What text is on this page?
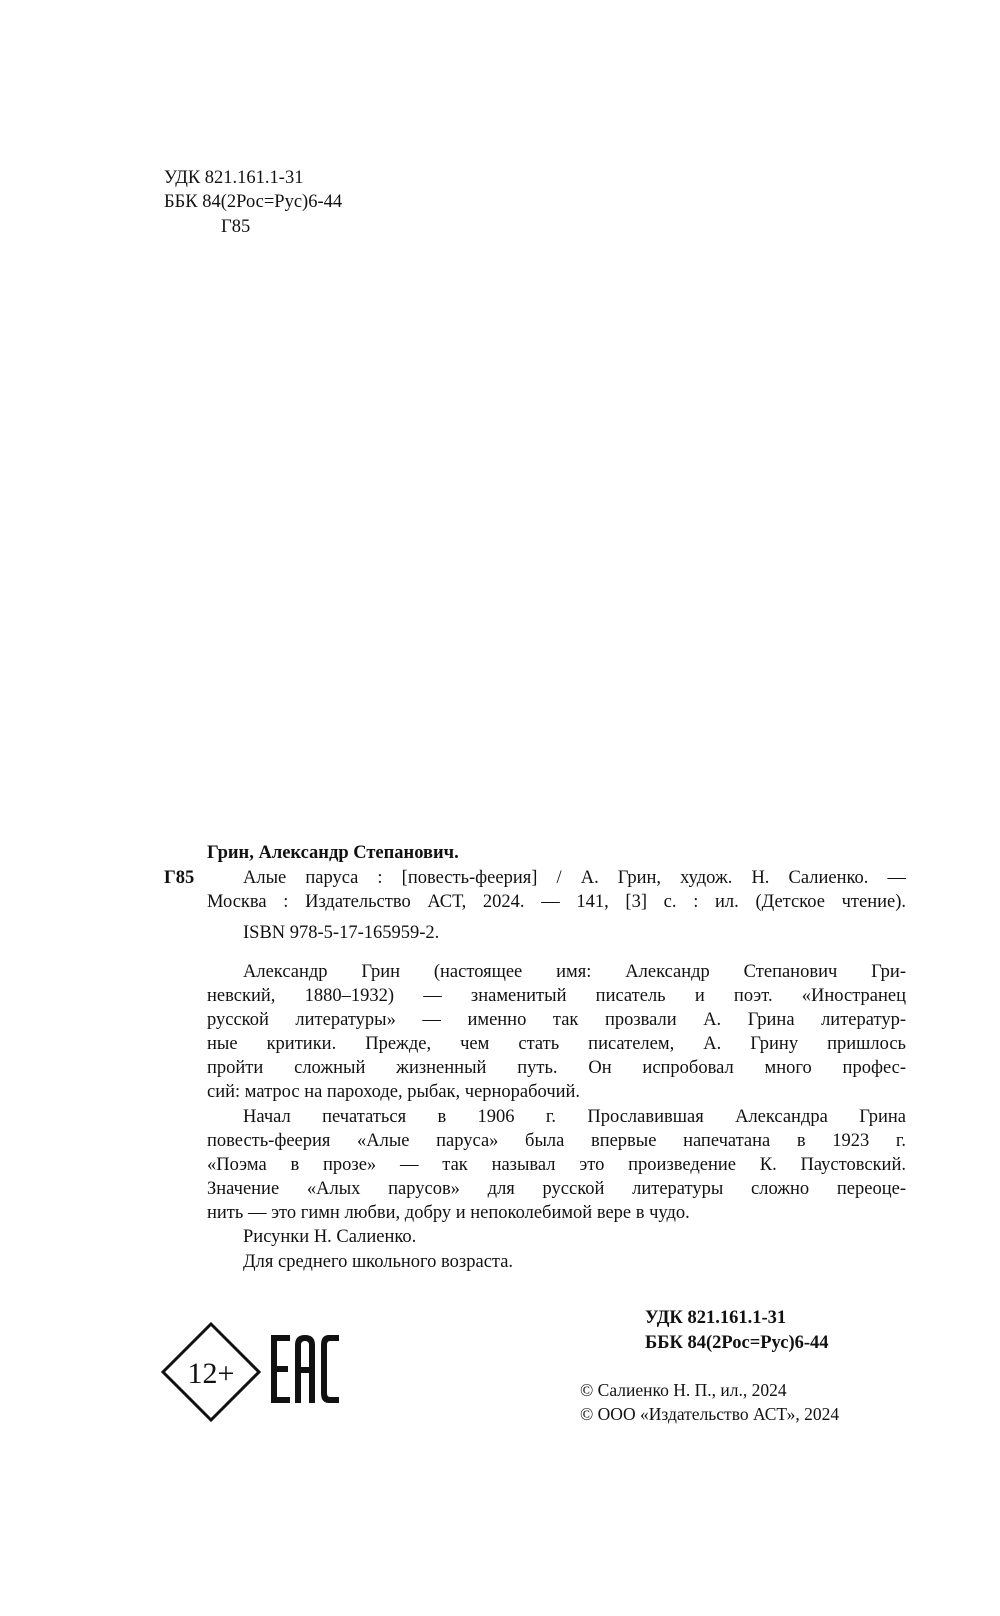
УДК 821.161.1-31
ББК 84(2Рос=Рус)6-44
Г85
Грин, Александр Степанович.
Г85	Алые паруса : [повесть-феерия] / А. Грин, худож. Н. Салиенко. —
Москва : Издательство АСТ, 2024. — 141, [3] с. : ил. (Детское чтение).
ISBN 978-5-17-165959-2.
Александр Грин (настоящее имя: Александр Степанович Гри-
невский, 1880–1932) — знаменитый писатель и поэт. «Иностранец
русской литературы» — именно так прозвали А. Грина литератур-
ные критики. Прежде, чем стать писателем, А. Грину пришлось
пройти сложный жизненный путь. Он испробовал много профес-
сий: матрос на пароходе, рыбак, чернорабочий.
Начал печататься в 1906 г. Прославившая Александра Грина
повесть-феерия «Алые паруса» была впервые напечатана в 1923 г.
«Поэма в прозе» — так называл это произведение К. Паустовский.
Значение «Алых парусов» для русской литературы сложно переоце-
нить — это гимн любви, добру и непоколебимой вере в чудо.
Рисунки Н. Салиенко.
Для среднего школьного возраста.
УДК 821.161.1-31
ББК 84(2Рос=Рус)6-44
© Салиенко Н. П., ил., 2024
© ООО «Издательство АСТ», 2024
12+
